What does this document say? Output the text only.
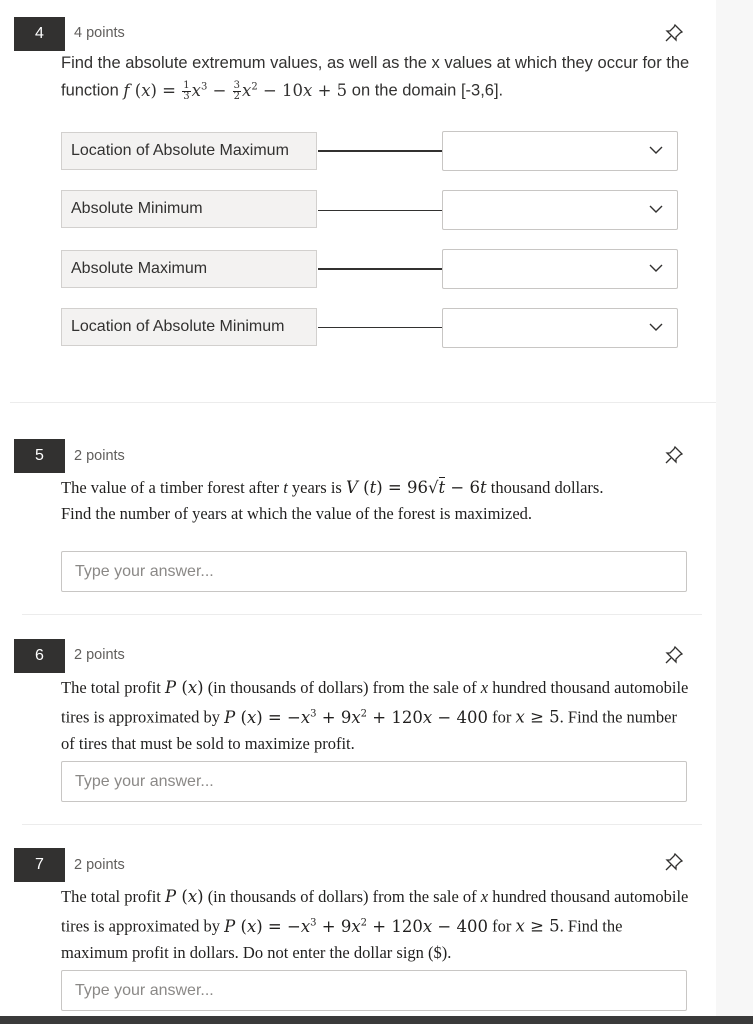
4	4 points
Find the absolute extremum values, as well as the x values at which they occur for the function f $(x) = \frac{1}{3} x^3 - \frac{3}{2} x^2 - 10x + 5$ on the domain [-3,6].
Location of Absolute Maximum
Absolute Minimum
Absolute Maximum
Location of Absolute Minimum
5	2 points
The value of a timber forest after t years is V (t) = 96√t − 6t thousand dollars.
Find the number of years at which the value of the forest is maximized.
Type your answer...
6	2 points
The total profit P (x) (in thousands of dollars) from the sale of x hundred thousand automobile tires is approximated by P $(x) = -x^3 + 9x^2 + 120x - 400$ for x ≥ 5. Find the number of tires that must be sold to maximize profit.
Type your answer...
7	2 points
The total profit P (x) (in thousands of dollars) from the sale of x hundred thousand automobile tires is approximated by P $(x) = -x^3 + 9x^2 + 120x - 400$ for x ≥ 5. Find the maximum profit in dollars. Do not enter the dollar sign ($).
Type your answer...
